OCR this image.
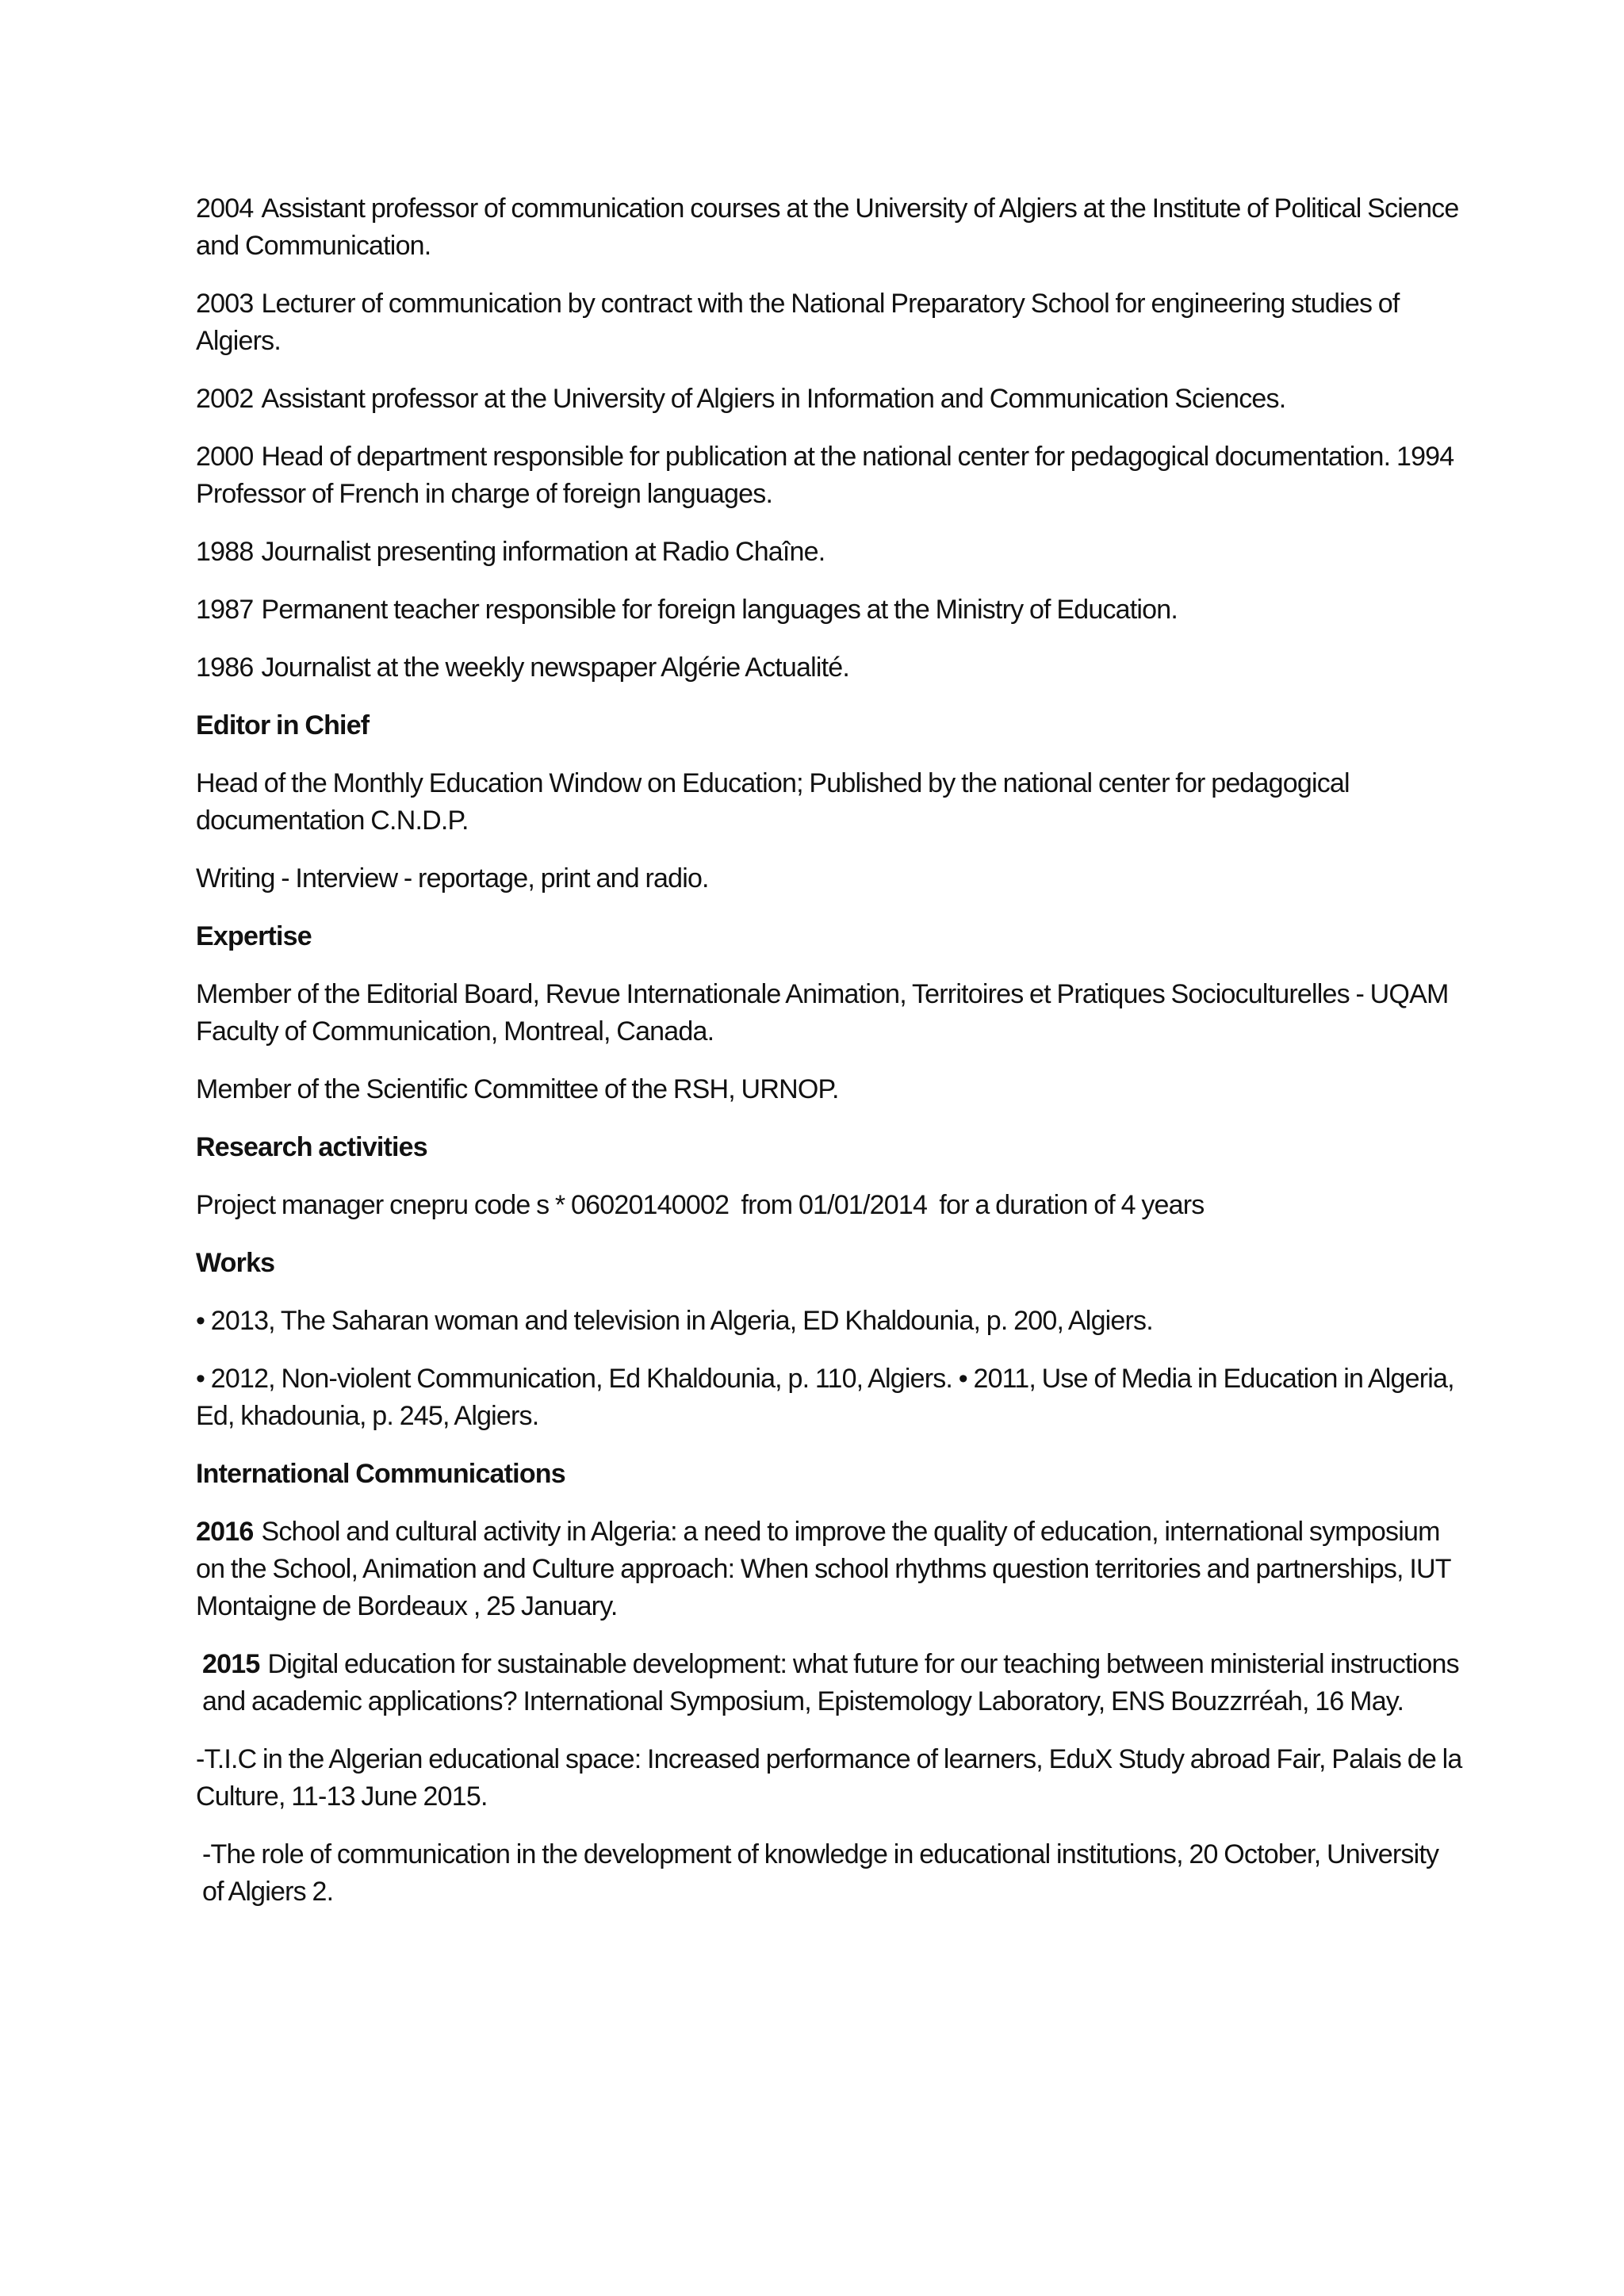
2004 Assistant professor of communication courses at the University of Algiers at the Institute of Political Science and Communication.

2003 Lecturer of communication by contract with the National Preparatory School for engineering studies of Algiers.

2002 Assistant professor at the University of Algiers in Information and Communication Sciences.

2000 Head of department responsible for publication at the national center for pedagogical documentation. 1994 Professor of French in charge of foreign languages.

1988 Journalist presenting information at Radio Chaîne.

1987 Permanent teacher responsible for foreign languages at the Ministry of Education.

1986 Journalist at the weekly newspaper Algérie Actualité.

Editor in Chief

Head of the Monthly Education Window on Education; Published by the national center for pedagogical documentation C.N.D.P.

Writing - Interview - reportage, print and radio.

Expertise

Member of the Editorial Board, Revue Internationale Animation, Territoires et Pratiques Socioculturelles - UQAM Faculty of Communication, Montreal, Canada.

Member of the Scientific Committee of the RSH, URNOP.

Research activities

Project manager cnepru code s * 06020140002  from 01/01/2014  for a duration of 4 years

Works

• 2013, The Saharan woman and television in Algeria, ED Khaldounia, p. 200, Algiers.

• 2012, Non-violent Communication, Ed Khaldounia, p. 110, Algiers. • 2011, Use of Media in Education in Algeria, Ed, khadounia, p. 245, Algiers.

International Communications

2016 School and cultural activity in Algeria: a need to improve the quality of education, international symposium on the School, Animation and Culture approach: When school rhythms question territories and partnerships, IUT Montaigne de Bordeaux , 25 January.

2015 Digital education for sustainable development: what future for our teaching between ministerial instructions and academic applications? International Symposium, Epistemology Laboratory, ENS Bouzzrréah, 16 May.

-T.I.C in the Algerian educational space: Increased performance of learners, EduX Study abroad Fair, Palais de la Culture, 11-13 June 2015.

-The role of communication in the development of knowledge in educational institutions, 20 October, University of Algiers 2.
